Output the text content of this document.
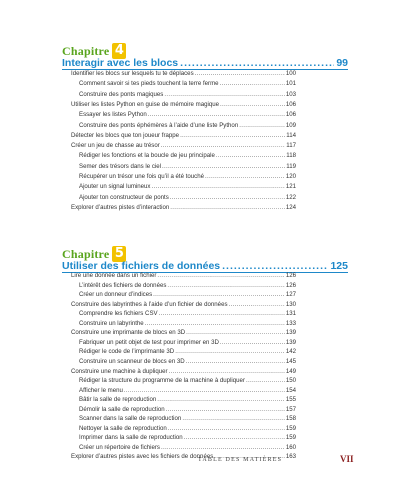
Chapitre 4
Interagir avec les blocs .....	99
Identifier les blocs sur lesquels tu te déplaces .....	100
Comment savoir si tes pieds touchent la terre ferme .....	101
Construire des ponts magiques .....	103
Utiliser les listes Python en guise de mémoire magique .....	106
Essayer les listes Python .....	106
Construire des ponts éphémères à l’aide d’une liste Python .....	109
Détecter les blocs que ton joueur frappe .....	114
Créer un jeu de chasse au trésor .....	117
Rédiger les fonctions et la boucle de jeu principale .....	118
Semer des trésors dans le ciel .....	119
Récupérer un trésor une fois qu’il a été touché .....	120
Ajouter un signal lumineux .....	121
Ajouter ton constructeur de ponts .....	122
Explorer d’autres pistes d’interaction .....	124
Chapitre 5
Utiliser des fichiers de données .....	125
Lire une donnée dans un fichier .....	126
L’intérêt des fichiers de données .....	126
Créer un donneur d’indices .....	127
Construire des labyrinthes à l’aide d’un fichier de données .....	130
Comprendre les fichiers CSV .....	131
Construire un labyrinthe .....	133
Construire une imprimante de blocs en 3D .....	139
Fabriquer un petit objet de test pour imprimer en 3D .....	139
Rédiger le code de l’imprimante 3D .....	142
Construire un scanneur de blocs en 3D .....	145
Construire une machine à dupliquer .....	149
Rédiger la structure du programme de la machine à dupliquer .....	150
Afficher le menu .....	154
Bâtir la salle de reproduction .....	155
Démolir la salle de reproduction .....	157
Scanner dans la salle de reproduction .....	158
Nettoyer la salle de reproduction .....	159
Imprimer dans la salle de reproduction .....	159
Créer un répertoire de fichiers .....	160
Explorer d’autres pistes avec les fichiers de données .....	163
TABLE DES MATIÈRES	VII
